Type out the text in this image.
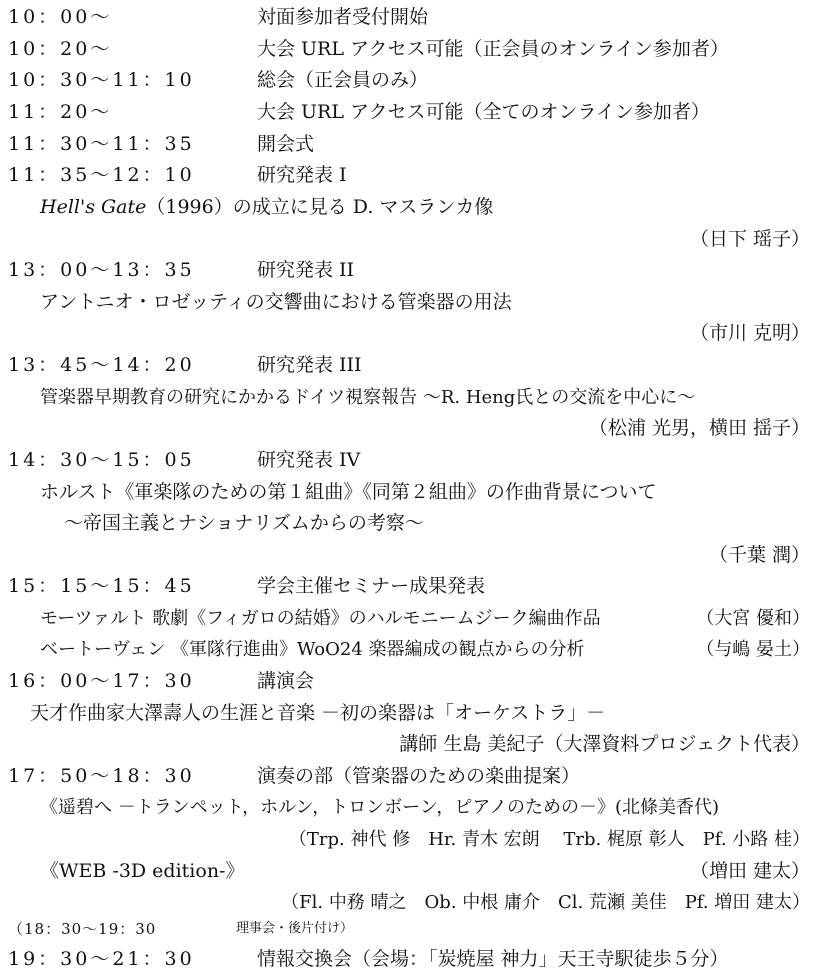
10：00～	対面参加者受付開始
10：20～	大会 URL アクセス可能（正会員のオンライン参加者）
10：30～11：10	総会（正会員のみ）
11：20～	大会 URL アクセス可能（全てのオンライン参加者）
11：30～11：35	開会式
11：35～12：10	研究発表 I
Hell's Gate（1996）の成立に見る D. マスランカ像
（日下 瑶子）
13：00～13：35	研究発表 II
アントニオ・ロゼッティの交響曲における管楽器の用法
（市川 克明）
13：45～14：20	研究発表 III
管楽器早期教育の研究にかかるドイツ視察報告 ～R. Heng氏との交流を中心に～
（松浦 光男，横田 揺子）
14：30～15：05	研究発表 IV
ホルスト《軍楽隊のための第１組曲》《同第２組曲》の作曲背景について
～帝国主義とナショナリズムからの考察～
（千葉 潤）
15：15～15：45	学会主催セミナー成果発表
モーツァルト 歌劇《フィガロの結婚》のハルモニームジーク編曲作品	（大宮 優和）
ベートーヴェン 《軍隊行進曲》WoO24 楽器編成の観点からの分析	（与嶋 晏土）
16：00～17：30	講演会
天才作曲家大澤壽人の生涯と音楽 －初の楽器は「オーケストラ」－
講師 生島 美紀子（大澤資料プロジェクト代表）
17：50～18：30	演奏の部（管楽器のための楽曲提案）
《遥碧へ －トランペット，ホルン，トロンボーン，ピアノのための－》(北條美香代)
（Trp. 神代 修　Hr. 青木 宏朗　 Trb. 梶原 彰人　Pf. 小路 桂）
《WEB -3D edition-》	（増田 建太）
（Fl. 中務 晴之　Ob. 中根 庸介　Cl. 荒瀬 美佳　Pf. 増田 建太）
（18：30～19：30	理事会・後片付け）
19：30～21：30	情報交換会（会場：「炭焼屋 神力」天王寺駅徒歩５分）
